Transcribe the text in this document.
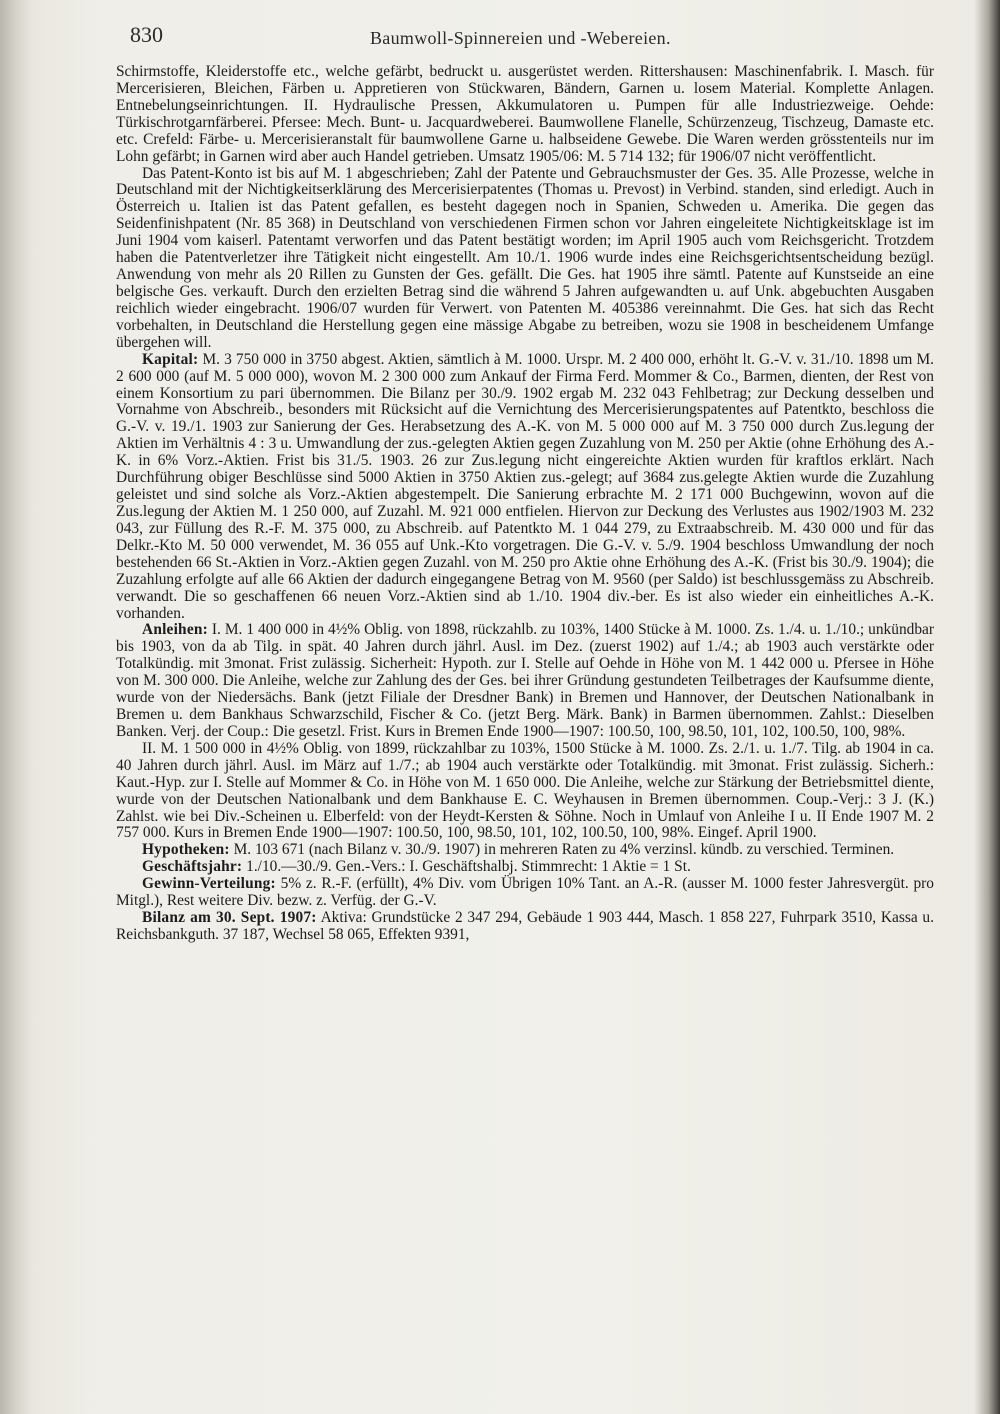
830	Baumwoll-Spinnereien und -Webereien.

Schirmstoffe, Kleiderstoffe etc., welche gefärbt, bedruckt u. ausgerüstet werden. Rittershausen: Maschinenfabrik. I. Masch. für Mercerisieren, Bleichen, Färben u. Appretieren von Stückwaren, Bändern, Garnen u. losem Material. Komplette Anlagen. Entnebelungseinrichtungen. II. Hydraulische Pressen, Akkumulatoren u. Pumpen für alle Industriezweige. Oehde: Türkischrotgarnfärberei. Pfersee: Mech. Bunt- u. Jacquardweberei. Baumwollene Flanelle, Schürzenzeug, Tischzeug, Damaste etc. etc. Crefeld: Färbe- u. Mercerisieranstalt für baumwollene Garne u. halbseidene Gewebe. Die Waren werden grösstenteils nur im Lohn gefärbt; in Garnen wird aber auch Handel getrieben. Umsatz 1905/06: M. 5 714 132; für 1906/07 nicht veröffentlicht.

Das Patent-Konto ist bis auf M. 1 abgeschrieben; Zahl der Patente und Gebrauchsmuster der Ges. 35. Alle Prozesse, welche in Deutschland mit der Nichtigkeitserklärung des Mercerisierpatentes (Thomas u. Prevost) in Verbind. standen, sind erledigt. Auch in Österreich u. Italien ist das Patent gefallen, es besteht dagegen noch in Spanien, Schweden u. Amerika. Die gegen das Seidenfinishpatent (Nr. 85 368) in Deutschland von verschiedenen Firmen schon vor Jahren eingeleitete Nichtigkeitsklage ist im Juni 1904 vom kaiserl. Patentamt verworfen und das Patent bestätigt worden; im April 1905 auch vom Reichsgericht. Trotzdem haben die Patentverletzer ihre Tätigkeit nicht eingestellt. Am 10./1. 1906 wurde indes eine Reichsgerichtsentscheidung bezügl. Anwendung von mehr als 20 Rillen zu Gunsten der Ges. gefällt. Die Ges. hat 1905 ihre sämtl. Patente auf Kunstseide an eine belgische Ges. verkauft. Durch den erzielten Betrag sind die während 5 Jahren aufgewandten u. auf Unk. abgebuchten Ausgaben reichlich wieder eingebracht. 1906/07 wurden für Verwert. von Patenten M. 405386 vereinnahmt. Die Ges. hat sich das Recht vorbehalten, in Deutschland die Herstellung gegen eine mässige Abgabe zu betreiben, wozu sie 1908 in bescheidenem Umfange übergehen will.

Kapital: M. 3 750 000 in 3750 abgest. Aktien, sämtlich à M. 1000. Urspr. M. 2 400 000, erhöht lt. G.-V. v. 31./10. 1898 um M. 2 600 000 (auf M. 5 000 000), wovon M. 2 300 000 zum Ankauf der Firma Ferd. Mommer & Co., Barmen, dienten, der Rest von einem Konsortium zu pari übernommen. Die Bilanz per 30./9. 1902 ergab M. 232 043 Fehlbetrag; zur Deckung desselben und Vornahme von Abschreib., besonders mit Rücksicht auf die Vernichtung des Mercerisierungspatentes auf Patentkto, beschloss die G.-V. v. 19./1. 1903 zur Sanierung der Ges. Herabsetzung des A.-K. von M. 5 000 000 auf M. 3 750 000 durch Zus.legung der Aktien im Verhältnis 4 : 3 u. Umwandlung der zus.-gelegten Aktien gegen Zuzahlung von M. 250 per Aktie (ohne Erhöhung des A.-K. in 6% Vorz.-Aktien. Frist bis 31./5. 1903. 26 zur Zus.legung nicht eingereichte Aktien wurden für kraftlos erklärt. Nach Durchführung obiger Beschlüsse sind 5000 Aktien in 3750 Aktien zus.-gelegt; auf 3684 zus.gelegte Aktien wurde die Zuzahlung geleistet und sind solche als Vorz.-Aktien abgestempelt. Die Sanierung erbrachte M. 2 171 000 Buchgewinn, wovon auf die Zus.legung der Aktien M. 1 250 000, auf Zuzahl. M. 921 000 entfielen. Hiervon zur Deckung des Verlustes aus 1902/1903 M. 232 043, zur Füllung des R.-F. M. 375 000, zu Abschreib. auf Patentkto M. 1 044 279, zu Extraabschreib. M. 430 000 und für das Delkr.-Kto M. 50 000 verwendet, M. 36 055 auf Unk.-Kto vorgetragen. Die G.-V. v. 5./9. 1904 beschloss Umwandlung der noch bestehenden 66 St.-Aktien in Vorz.-Aktien gegen Zuzahl. von M. 250 pro Aktie ohne Erhöhung des A.-K. (Frist bis 30./9. 1904); die Zuzahlung erfolgte auf alle 66 Aktien der dadurch eingegangene Betrag von M. 9560 (per Saldo) ist beschlussgemäss zu Abschreib. verwandt. Die so geschaffenen 66 neuen Vorz.-Aktien sind ab 1./10. 1904 div.-ber. Es ist also wieder ein einheitliches A.-K. vorhanden.

Anleihen: I. M. 1 400 000 in 4½% Oblig. von 1898, rückzahlb. zu 103%, 1400 Stücke à M. 1000. Zs. 1./4. u. 1./10.; unkündbar bis 1903, von da ab Tilg. in spät. 40 Jahren durch jährl. Ausl. im Dez. (zuerst 1902) auf 1./4.; ab 1903 auch verstärkte oder Totalkündig. mit 3monat. Frist zulässig. Sicherheit: Hypoth. zur I. Stelle auf Oehde in Höhe von M. 1 442 000 u. Pfersee in Höhe von M. 300 000. Die Anleihe, welche zur Zahlung des der Ges. bei ihrer Gründung gestundeten Teilbetrages der Kaufsumme diente, wurde von der Niedersächs. Bank (jetzt Filiale der Dresdner Bank) in Bremen und Hannover, der Deutschen Nationalbank in Bremen u. dem Bankhaus Schwarzschild, Fischer & Co. (jetzt Berg. Märk. Bank) in Barmen übernommen. Zahlst.: Dieselben Banken. Verj. der Coup.: Die gesetzl. Frist. Kurs in Bremen Ende 1900—1907: 100.50, 100, 98.50, 101, 102, 100.50, 100, 98%.

II. M. 1 500 000 in 4½% Oblig. von 1899, rückzahlbar zu 103%, 1500 Stücke à M. 1000. Zs. 2./1. u. 1./7. Tilg. ab 1904 in ca. 40 Jahren durch jährl. Ausl. im März auf 1./7.; ab 1904 auch verstärkte oder Totalkündig. mit 3monat. Frist zulässig. Sicherh.: Kaut.-Hyp. zur I. Stelle auf Mommer & Co. in Höhe von M. 1 650 000. Die Anleihe, welche zur Stärkung der Betriebsmittel diente, wurde von der Deutschen Nationalbank und dem Bankhause E. C. Weyhausen in Bremen übernommen. Coup.-Verj.: 3 J. (K.) Zahlst. wie bei Div.-Scheinen u. Elberfeld: von der Heydt-Kersten & Söhne. Noch in Umlauf von Anleihe I u. II Ende 1907 M. 2 757 000. Kurs in Bremen Ende 1900—1907: 100.50, 100, 98.50, 101, 102, 100.50, 100, 98%. Eingef. April 1900.

Hypotheken: M. 103 671 (nach Bilanz v. 30./9. 1907) in mehreren Raten zu 4% verzinsl. kündb. zu verschied. Terminen.

Geschäftsjahr: 1./10.—30./9. Gen.-Vers.: I. Geschäftshalbj. Stimmrecht: 1 Aktie = 1 St.

Gewinn-Verteilung: 5% z. R.-F. (erfüllt), 4% Div. vom Übrigen 10% Tant. an A.-R. (ausser M. 1000 fester Jahresvergüt. pro Mitgl.), Rest weitere Div. bezw. z. Verfüg. der G.-V.

Bilanz am 30. Sept. 1907: Aktiva: Grundstücke 2 347 294, Gebäude 1 903 444, Masch. 1 858 227, Fuhrpark 3510, Kassa u. Reichsbankguth. 37 187, Wechsel 58 065, Effekten 9391,
